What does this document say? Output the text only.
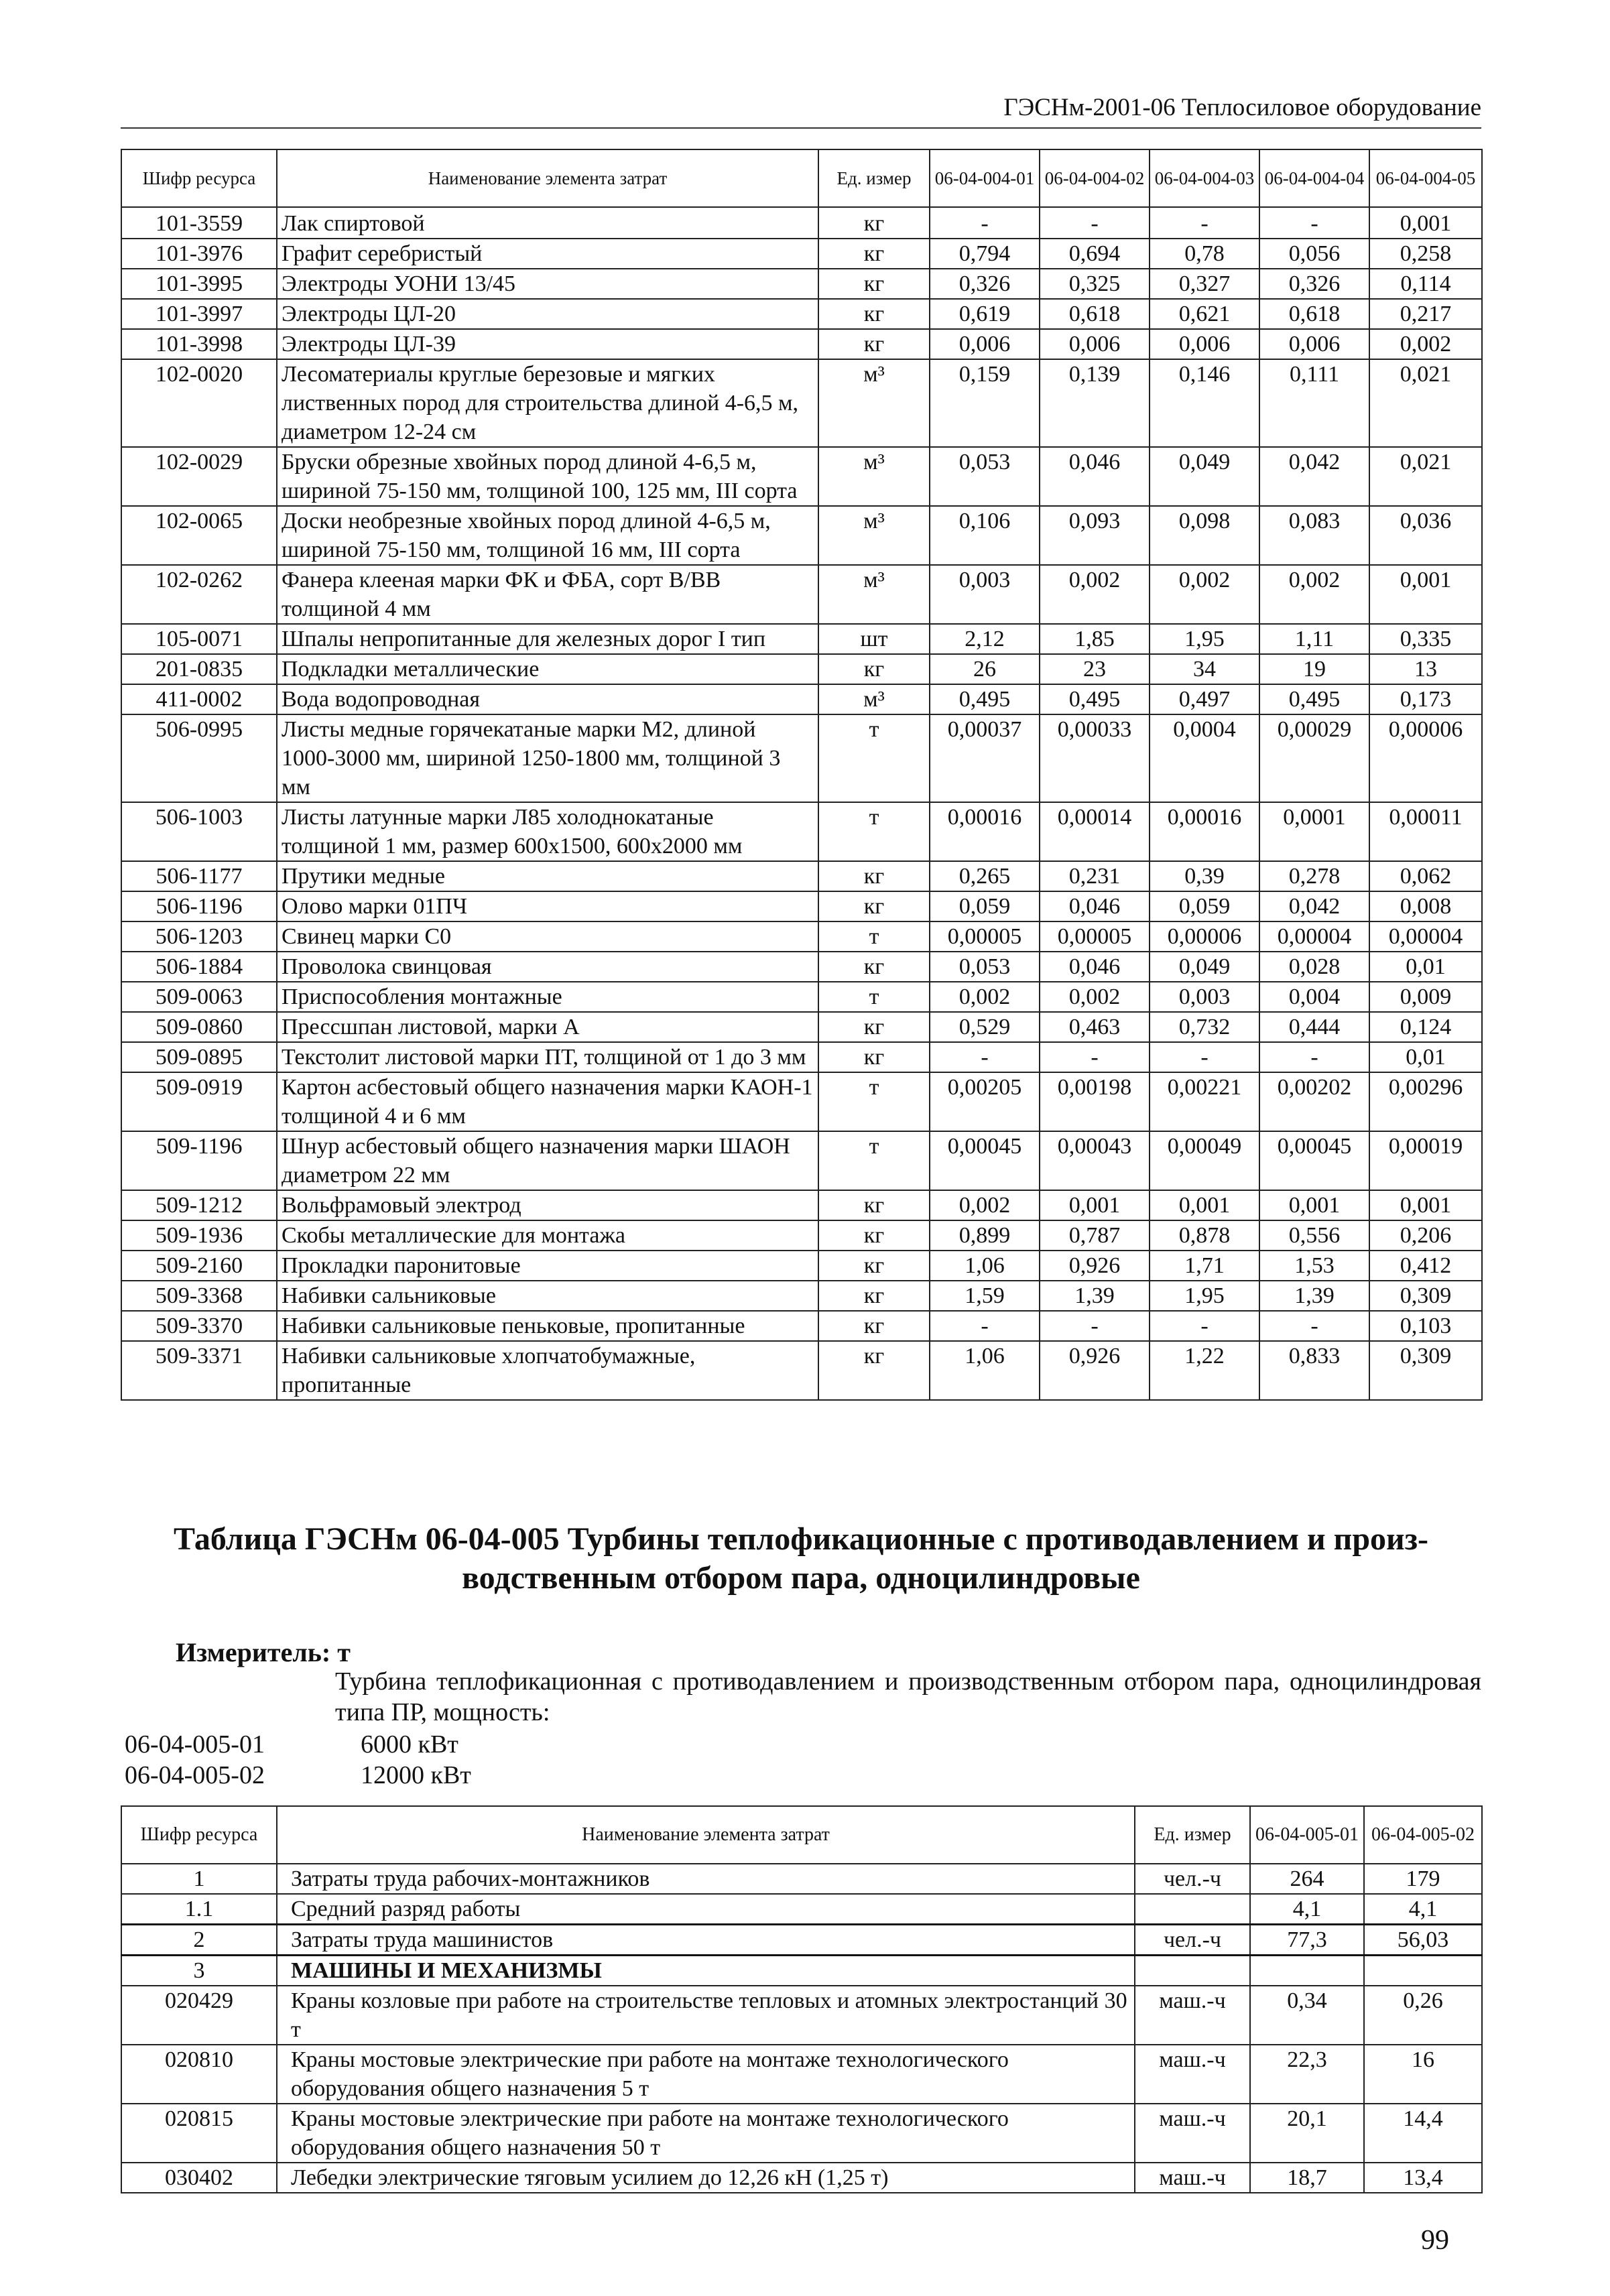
ГЭСНм-2001-06 Теплосиловое оборудование
Шифр ресурса	Наименование элемента затрат	Ед. измер	06-04-004-01	06-04-004-02	06-04-004-03	06-04-004-04	06-04-004-05
101-3559	Лак спиртовой	кг	-	-	-	-	0,001
101-3976	Графит серебристый	кг	0,794	0,694	0,78	0,056	0,258
101-3995	Электроды УОНИ 13/45	кг	0,326	0,325	0,327	0,326	0,114
101-3997	Электроды ЦЛ-20	кг	0,619	0,618	0,621	0,618	0,217
101-3998	Электроды ЦЛ-39	кг	0,006	0,006	0,006	0,006	0,002
102-0020	Лесоматериалы круглые березовые и мягких лиственных пород для строительства длиной 4-6,5 м, диаметром 12-24 см	м³	0,159	0,139	0,146	0,111	0,021
102-0029	Бруски обрезные хвойных пород длиной 4-6,5 м, шириной 75-150 мм, толщиной 100, 125 мм, III сорта	м³	0,053	0,046	0,049	0,042	0,021
102-0065	Доски необрезные хвойных пород длиной 4-6,5 м, шириной 75-150 мм, толщиной 16 мм, III сорта	м³	0,106	0,093	0,098	0,083	0,036
102-0262	Фанера клееная марки ФК и ФБА, сорт В/ВВ толщиной 4 мм	м³	0,003	0,002	0,002	0,002	0,001
105-0071	Шпалы непропитанные для железных дорог I тип	шт	2,12	1,85	1,95	1,11	0,335
201-0835	Подкладки металлические	кг	26	23	34	19	13
411-0002	Вода водопроводная	м³	0,495	0,495	0,497	0,495	0,173
506-0995	Листы медные горячекатаные марки М2, длиной 1000-3000 мм, шириной 1250-1800 мм, толщиной 3 мм	т	0,00037	0,00033	0,0004	0,00029	0,00006
506-1003	Листы латунные марки Л85 холоднокатаные толщиной 1 мм, размер 600х1500, 600х2000 мм	т	0,00016	0,00014	0,00016	0,0001	0,00011
506-1177	Прутики медные	кг	0,265	0,231	0,39	0,278	0,062
506-1196	Олово марки 01ПЧ	кг	0,059	0,046	0,059	0,042	0,008
506-1203	Свинец марки С0	т	0,00005	0,00005	0,00006	0,00004	0,00004
506-1884	Проволока свинцовая	кг	0,053	0,046	0,049	0,028	0,01
509-0063	Приспособления монтажные	т	0,002	0,002	0,003	0,004	0,009
509-0860	Прессшпан листовой, марки А	кг	0,529	0,463	0,732	0,444	0,124
509-0895	Текстолит листовой марки ПТ, толщиной от 1 до 3 мм	кг	-	-	-	-	0,01
509-0919	Картон асбестовый общего назначения марки КАОН-1 толщиной 4 и 6 мм	т	0,00205	0,00198	0,00221	0,00202	0,00296
509-1196	Шнур асбестовый общего назначения марки ШАОН диаметром 22 мм	т	0,00045	0,00043	0,00049	0,00045	0,00019
509-1212	Вольфрамовый электрод	кг	0,002	0,001	0,001	0,001	0,001
509-1936	Скобы металлические для монтажа	кг	0,899	0,787	0,878	0,556	0,206
509-2160	Прокладки паронитовые	кг	1,06	0,926	1,71	1,53	0,412
509-3368	Набивки сальниковые	кг	1,59	1,39	1,95	1,39	0,309
509-3370	Набивки сальниковые пеньковые, пропитанные	кг	-	-	-	-	0,103
509-3371	Набивки сальниковые хлопчатобумажные, пропитанные	кг	1,06	0,926	1,22	0,833	0,309
Таблица ГЭСНм 06-04-005 Турбины теплофикационные с противодавлением и произ-
водственным отбором пара, одноцилиндровые
Измеритель: т
Турбина теплофикационная с противодавлением и производственным отбором пара, одноцилиндровая типа ПР, мощность:
06-04-005-01	6000 кВт
06-04-005-02	12000 кВт
Шифр ресурса	Наименование элемента затрат	Ед. измер	06-04-005-01	06-04-005-02
1	Затраты труда рабочих-монтажников	чел.-ч	264	179
1.1	Средний разряд работы		4,1	4,1
2	Затраты труда машинистов	чел.-ч	77,3	56,03
3	МАШИНЫ И МЕХАНИЗМЫ			
020429	Краны козловые при работе на строительстве тепловых и атомных электростанций 30 т	маш.-ч	0,34	0,26
020810	Краны мостовые электрические при работе на монтаже технологического оборудования общего назначения 5 т	маш.-ч	22,3	16
020815	Краны мостовые электрические при работе на монтаже технологического оборудования общего назначения 50 т	маш.-ч	20,1	14,4
030402	Лебедки электрические тяговым усилием до 12,26 кН (1,25 т)	маш.-ч	18,7	13,4
99
